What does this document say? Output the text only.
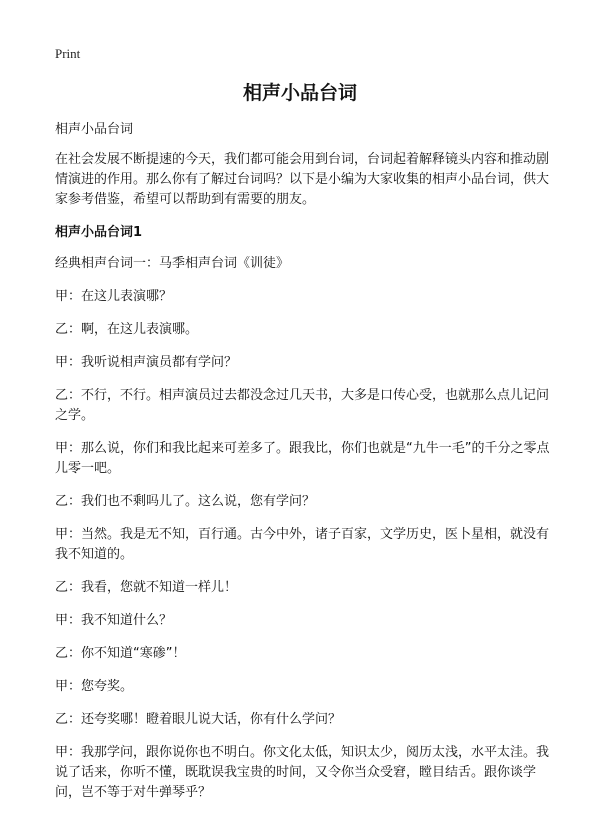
Print
相声小品台词

相声小品台词

在社会发展不断提速的今天，我们都可能会用到台词，台词起着解释镜头内容和推动剧情演进的作用。那么你有了解过台词吗？以下是小编为大家收集的相声小品台词，供大家参考借鉴，希望可以帮助到有需要的朋友。

相声小品台词1

经典相声台词一：马季相声台词《训徒》

甲：在这儿表演哪？

乙：啊，在这儿表演哪。

甲：我听说相声演员都有学问？

乙：不行，不行。相声演员过去都没念过几天书，大多是口传心受，也就那么点儿记问之学。

甲：那么说，你们和我比起来可差多了。跟我比，你们也就是“九牛一毛”的千分之零点儿零一吧。

乙：我们也不剩吗儿了。这么说，您有学问？

甲：当然。我是无不知，百行通。古今中外，诸子百家，文学历史，医卜星相，就没有我不知道的。

乙：我看，您就不知道一样儿！

甲：我不知道什么？

乙：你不知道“寒碜”！

甲：您夸奖。

乙：还夸奖哪！瞪着眼儿说大话，你有什么学问？

甲：我那学问，跟你说你也不明白。你文化太低，知识太少，阅历太浅，水平太洼。我说了话来，你听不懂，既耽误我宝贵的时间，又令你当众受窘，瞠目结舌。跟你谈学问，岂不等于对牛弹琴乎？
